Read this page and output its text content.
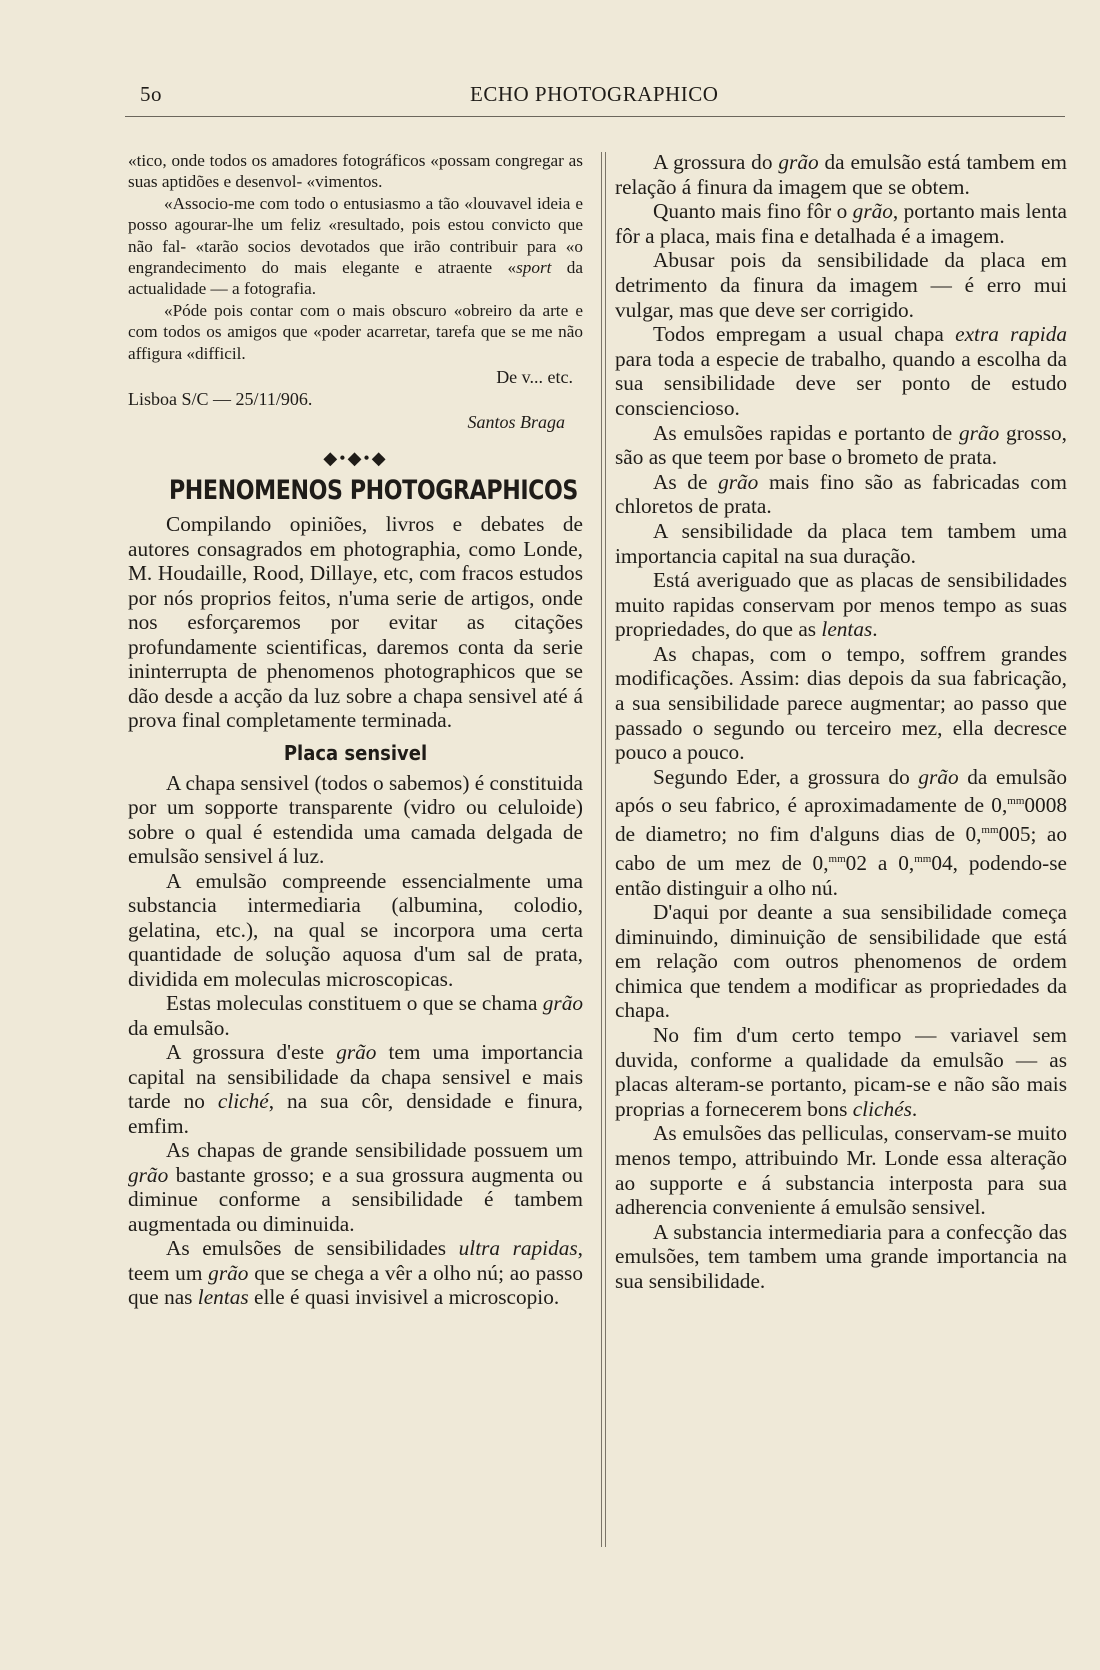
5o	ECHO PHOTOGRAPHICO

«tico, onde todos os amadores fotográficos «possam congregar as suas aptidões e desenvol- «vimentos.

«Associo-me com todo o entusiasmo a tão «louvavel ideia e posso agourar-lhe um feliz «resultado, pois estou convicto que não fal- «tarão socios devotados que irão contribuir para «o engrandecimento do mais elegante e atraente «sport da actualidade — a fotografia.

«Póde pois contar com o mais obscuro «obreiro da arte e com todos os amigos que «poder acarretar, tarefa que se me não affigura «difficil.

De v... etc.
Lisboa S/C — 25/11/906.
Santos Braga
◆•◆•◆
PHENOMENOS PHOTOGRAPHICOS

Compilando opiniões, livros e debates de autores consagrados em photographia, como Londe, M. Houdaille, Rood, Dillaye, etc, com fracos estudos por nós proprios feitos, n'uma serie de artigos, onde nos esforçaremos por evitar as citações profundamente scientificas, daremos conta da serie ininterrupta de phenomenos photographicos que se dão desde a acção da luz sobre a chapa sensivel até á prova final completamente terminada.

Placa sensivel

A chapa sensivel (todos o sabemos) é constituida por um sopporte transparente (vidro ou celuloide) sobre o qual é estendida uma camada delgada de emulsão sensivel á luz.

A emulsão compreende essencialmente uma substancia intermediaria (albumina, colodio, gelatina, etc.), na qual se incorpora uma certa quantidade de solução aquosa d'um sal de prata, dividida em moleculas microscopicas.

Estas moleculas constituem o que se chama grão da emulsão.

A grossura d'este grão tem uma importancia capital na sensibilidade da chapa sensivel e mais tarde no cliché, na sua côr, densidade e finura, emfim.

As chapas de grande sensibilidade possuem um grão bastante grosso; e a sua grossura augmenta ou diminue conforme a sensibilidade é tambem augmentada ou diminuida.

As emulsões de sensibilidades ultra rapidas, teem um grão que se chega a vêr a olho nú; ao passo que nas lentas elle é quasi invisivel a microscopio.

A grossura do grão da emulsão está tambem em relação á finura da imagem que se obtem.

Quanto mais fino fôr o grão, portanto mais lenta fôr a placa, mais fina e detalhada é a imagem.

Abusar pois da sensibilidade da placa em detrimento da finura da imagem — é erro mui vulgar, mas que deve ser corrigido.

Todos empregam a usual chapa extra rapida para toda a especie de trabalho, quando a escolha da sua sensibilidade deve ser ponto de estudo consciencioso.

As emulsões rapidas e portanto de grão grosso, são as que teem por base o brometo de prata.

As de grão mais fino são as fabricadas com chloretos de prata.

A sensibilidade da placa tem tambem uma importancia capital na sua duração.

Está averiguado que as placas de sensibilidades muito rapidas conservam por menos tempo as suas propriedades, do que as lentas.

As chapas, com o tempo, soffrem grandes modificações. Assim: dias depois da sua fabricação, a sua sensibilidade parece augmentar; ao passo que passado o segundo ou terceiro mez, ella decresce pouco a pouco.

Segundo Eder, a grossura do grão da emulsão após o seu fabrico, é aproximadamente de 0,$^{mm}$0008 de diametro; no fim d'alguns dias de 0,$^{mm}$005; ao cabo de um mez de 0,$^{mm}$02 a 0,$^{mm}$04, podendo-se então distinguir a olho nú.

D'aqui por deante a sua sensibilidade começa diminuindo, diminuição de sensibilidade que está em relação com outros phenomenos de ordem chimica que tendem a modificar as propriedades da chapa.

No fim d'um certo tempo — variavel sem duvida, conforme a qualidade da emulsão — as placas alteram-se portanto, picam-se e não são mais proprias a fornecerem bons clichés.

As emulsões das pelliculas, conservam-se muito menos tempo, attribuindo Mr. Londe essa alteração ao supporte e á substancia interposta para sua adherencia conveniente á emulsão sensivel.

A substancia intermediaria para a confecção das emulsões, tem tambem uma grande importancia na sua sensibilidade.
